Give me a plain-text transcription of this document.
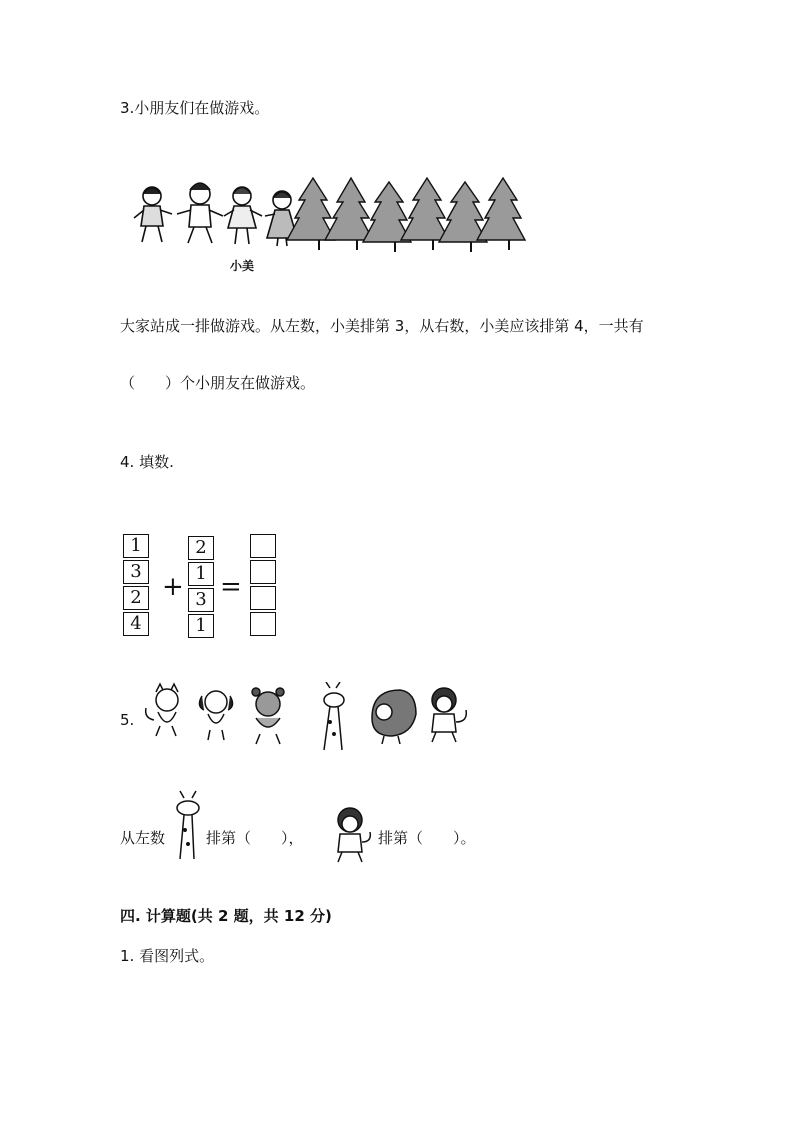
3.小朋友们在做游戏。
小美
大家站成一排做游戏。从左数，小美排第 3，从右数，小美应该排第 4，一共有
（　　）个小朋友在做游戏。
4. 填数.
1
3
2
4
+
2
1
3
1
=
5.
从左数	排第（　　），	排第（　　）。
四. 计算题(共 2 题，共 12 分)
1. 看图列式。
